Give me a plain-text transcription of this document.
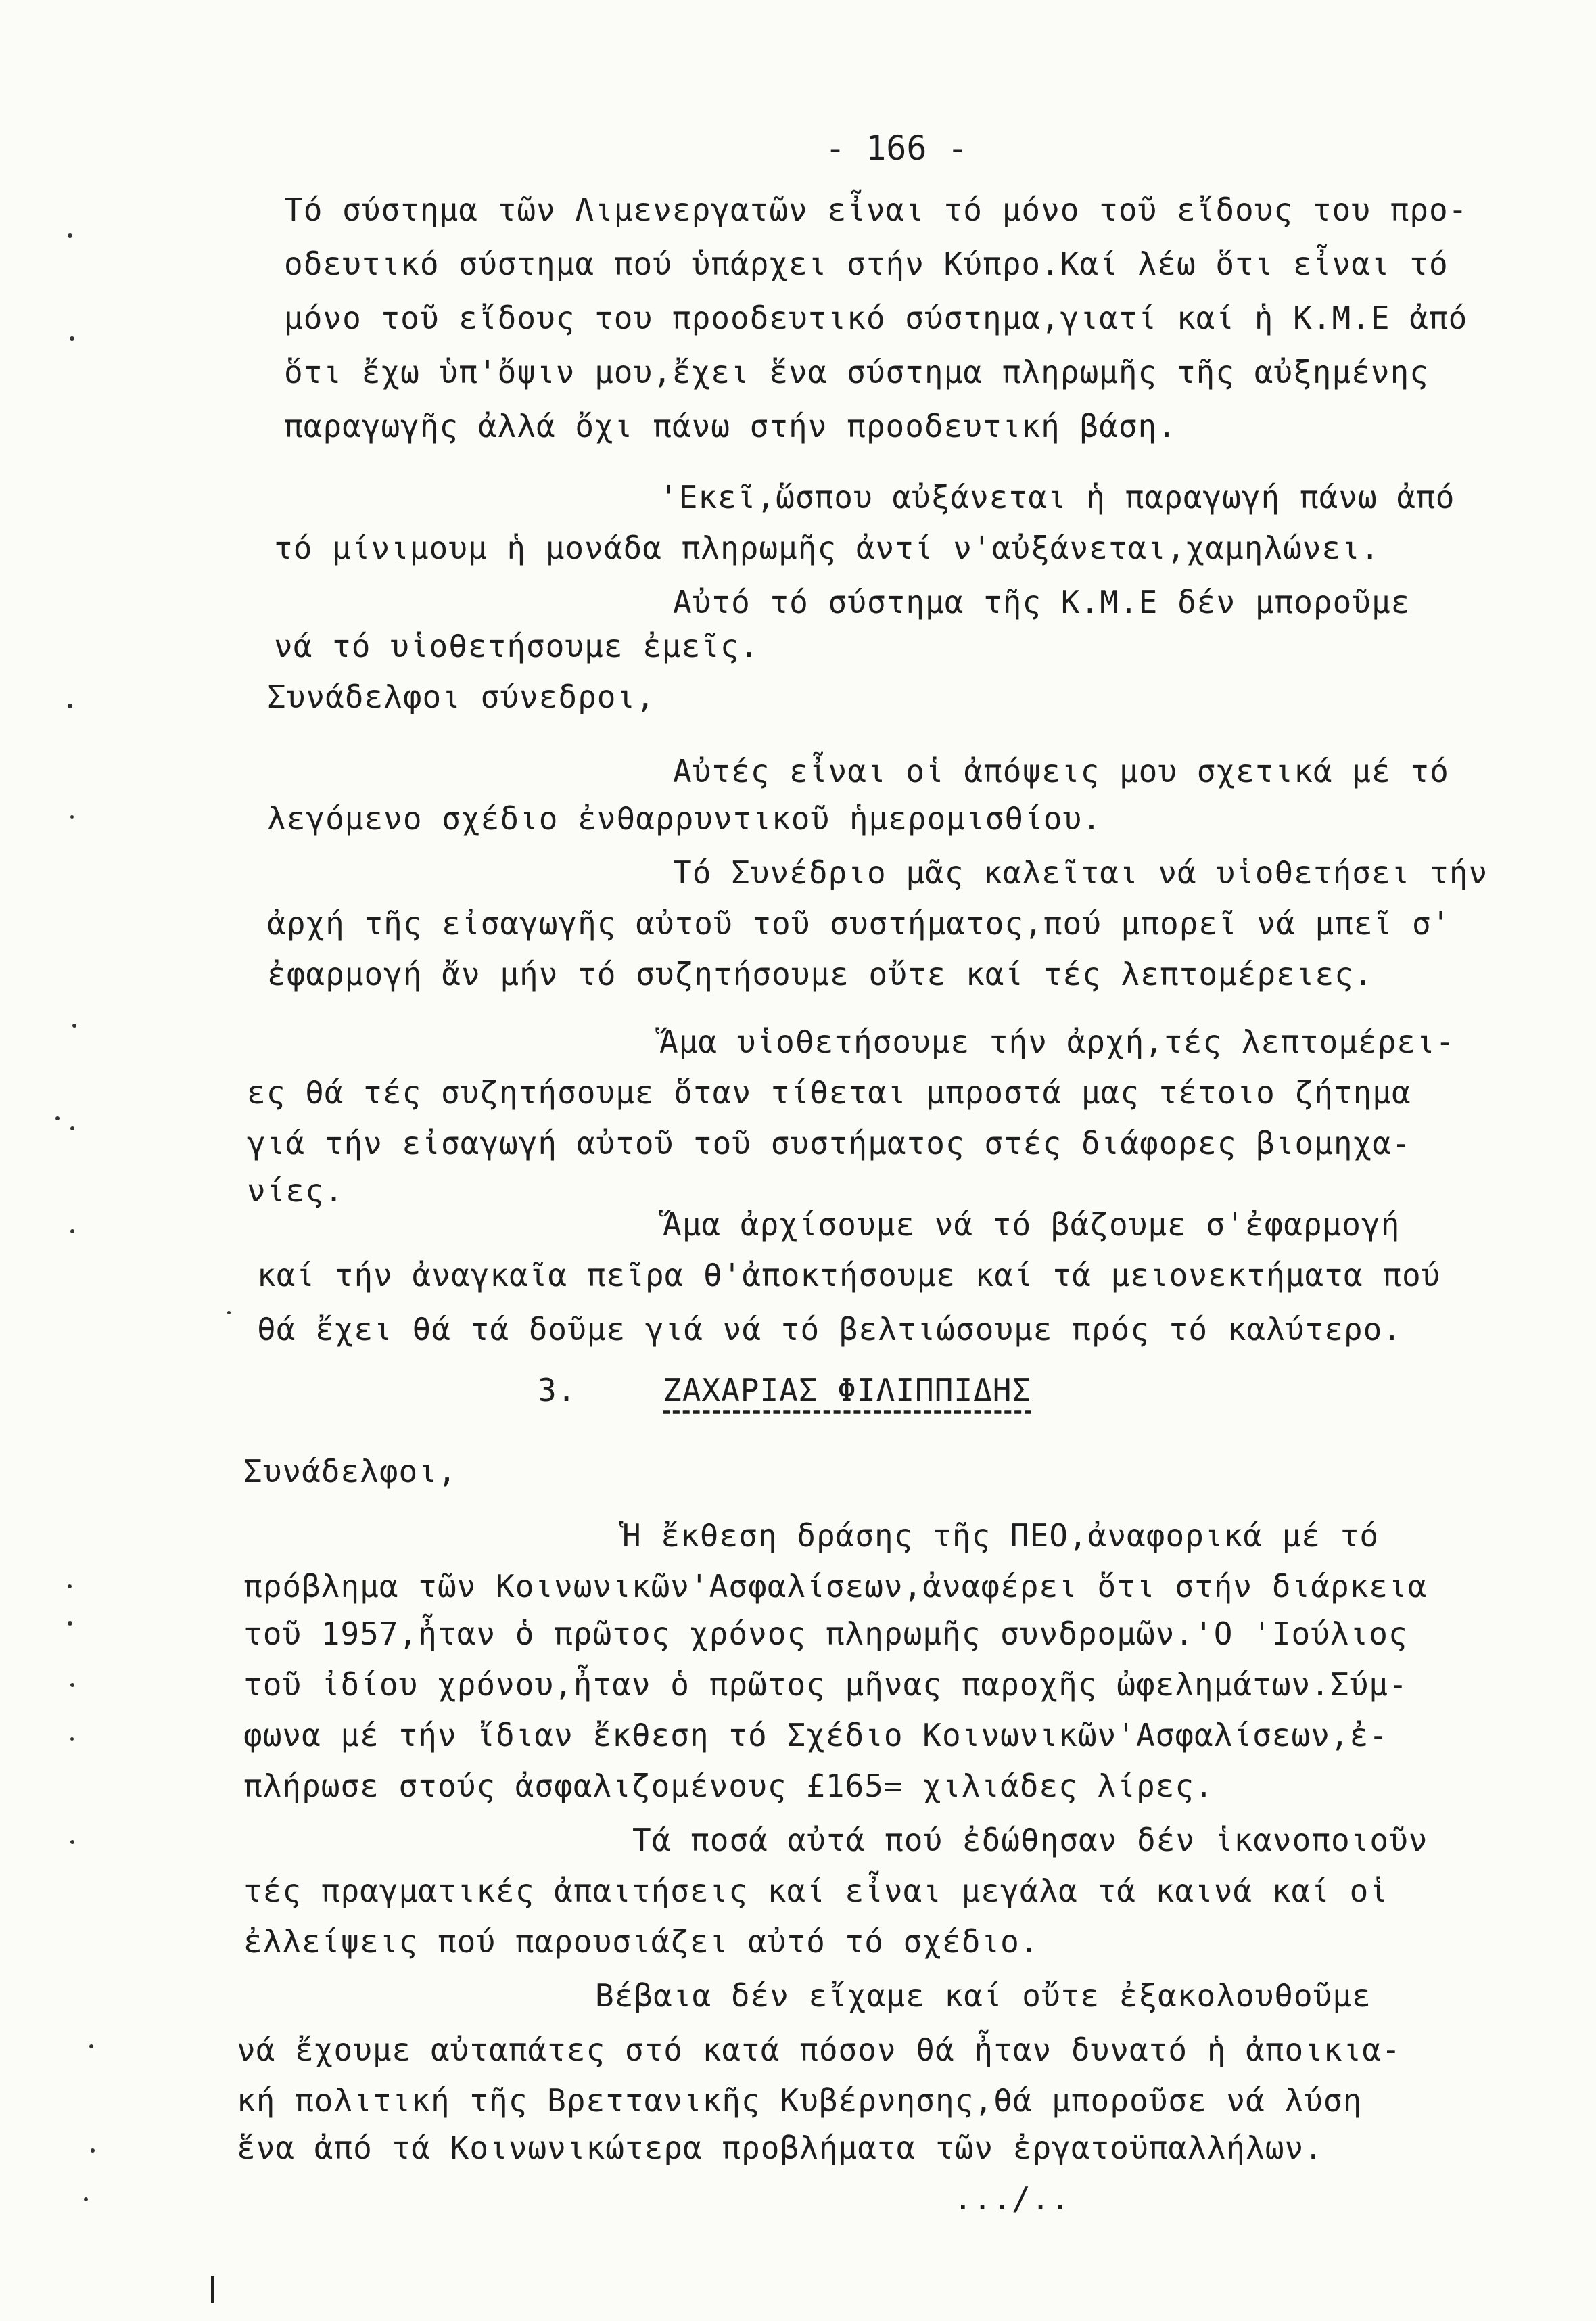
- 166 -
Τό σύστημα τῶν Λιμενεργατῶν εἶναι τό μόνο τοῦ εἴδους του προ-
οδευτικό σύστημα πού ὑπάρχει στήν Κύπρο.Καί λέω ὅτι εἶναι τό
μόνο τοῦ εἴδους του προοδευτικό σύστημα,γιατί καί ἡ Κ.Μ.Ε ἀπό
ὅτι ἔχω ὑπ'ὄψιν μου,ἔχει ἕνα σύστημα πληρωμῆς τῆς αὐξημένης
παραγωγῆς ἀλλά ὄχι πάνω στήν προοδευτική βάση.
'Εκεῖ,ὥσπου αὐξάνεται ἡ παραγωγή πάνω ἀπό
τό μίνιμουμ ἡ μονάδα πληρωμῆς ἀντί ν'αὐξάνεται,χαμηλώνει.
Αὐτό τό σύστημα τῆς Κ.Μ.Ε δέν μποροῦμε
νά τό υἱοθετήσουμε ἐμεῖς.
Συνάδελφοι σύνεδροι,
Αὐτές εἶναι οἱ ἀπόψεις μου σχετικά μέ τό
λεγόμενο σχέδιο ἐνθαρρυντικοῦ ἡμερομισθίου.
Τό Συνέδριο μᾶς καλεῖται νά υἱοθετήσει τήν
ἀρχή τῆς εἰσαγωγῆς αὐτοῦ τοῦ συστήματος,πού μπορεῖ νά μπεῖ σ'
ἐφαρμογή ἄν μήν τό συζητήσουμε οὔτε καί τές λεπτομέρειες.
Ἅμα υἱοθετήσουμε τήν ἀρχή,τές λεπτομέρει-
ες θά τές συζητήσουμε ὅταν τίθεται μπροστά μας τέτοιο ζήτημα
γιά τήν εἰσαγωγή αὐτοῦ τοῦ συστήματος στές διάφορες βιομηχα-
νίες.
Ἅμα ἀρχίσουμε νά τό βάζουμε σ'ἐφαρμογή
καί τήν ἀναγκαῖα πεῖρα θ'ἀποκτήσουμε καί τά μειονεκτήματα πού
θά ἔχει θά τά δοῦμε γιά νά τό βελτιώσουμε πρός τό καλύτερο.
3.	ΖΑΧΑΡΙΑΣ ΦΙΛΙΠΠΙΔΗΣ
Συνάδελφοι,
Ἡ ἔκθεση δράσης τῆς ΠΕΟ,ἀναφορικά μέ τό
πρόβλημα τῶν Κοινωνικῶν'Ασφαλίσεων,ἀναφέρει ὅτι στήν διάρκεια
τοῦ 1957,ἦταν ὁ πρῶτος χρόνος πληρωμῆς συνδρομῶν.'Ο 'Ιούλιος
τοῦ ἰδίου χρόνου,ἦταν ὁ πρῶτος μῆνας παροχῆς ὠφελημάτων.Σύμ-
φωνα μέ τήν ἴδιαν ἔκθεση τό Σχέδιο Κοινωνικῶν'Ασφαλίσεων,ἐ-
πλήρωσε στούς ἀσφαλιζομένους £165= χιλιάδες λίρες.
Τά ποσά αὐτά πού ἐδώθησαν δέν ἱκανοποιοῦν
τές πραγματικές ἀπαιτήσεις καί εἶναι μεγάλα τά καινά καί οἱ
ἐλλείψεις πού παρουσιάζει αὐτό τό σχέδιο.
Βέβαια δέν εἴχαμε καί οὔτε ἐξακολουθοῦμε
νά ἔχουμε αὐταπάτες στό κατά πόσον θά ἦταν δυνατό ἡ ἀποικια-
κή πολιτική τῆς Βρεττανικῆς Κυβέρνησης,θά μποροῦσε νά λύση
ἕνα ἀπό τά Κοινωνικώτερα προβλήματα τῶν ἐργατοϋπαλλήλων.
.../..
